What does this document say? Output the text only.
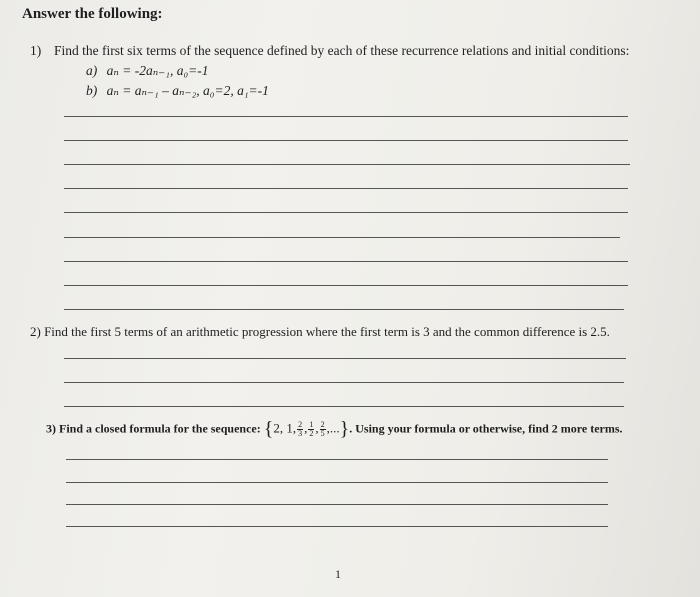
Answer the following:
1) Find the first six terms of the sequence defined by each of these recurrence relations and initial conditions:
a) aₙ = -2aₙ₋₁, a₀=-1
b) aₙ = aₙ₋₁ – aₙ₋₂, a₀=2, a₁=-1
2) Find the first 5 terms of an arithmetic progression where the first term is 3 and the common difference is 2.5.
3) Find a closed formula for the sequence: {2, 1, $\frac{2}{3}$ , $\frac{1}{2}$ , $\frac{2}{5}$ ,...}. Using your formula or otherwise, find 2 more terms.
1
